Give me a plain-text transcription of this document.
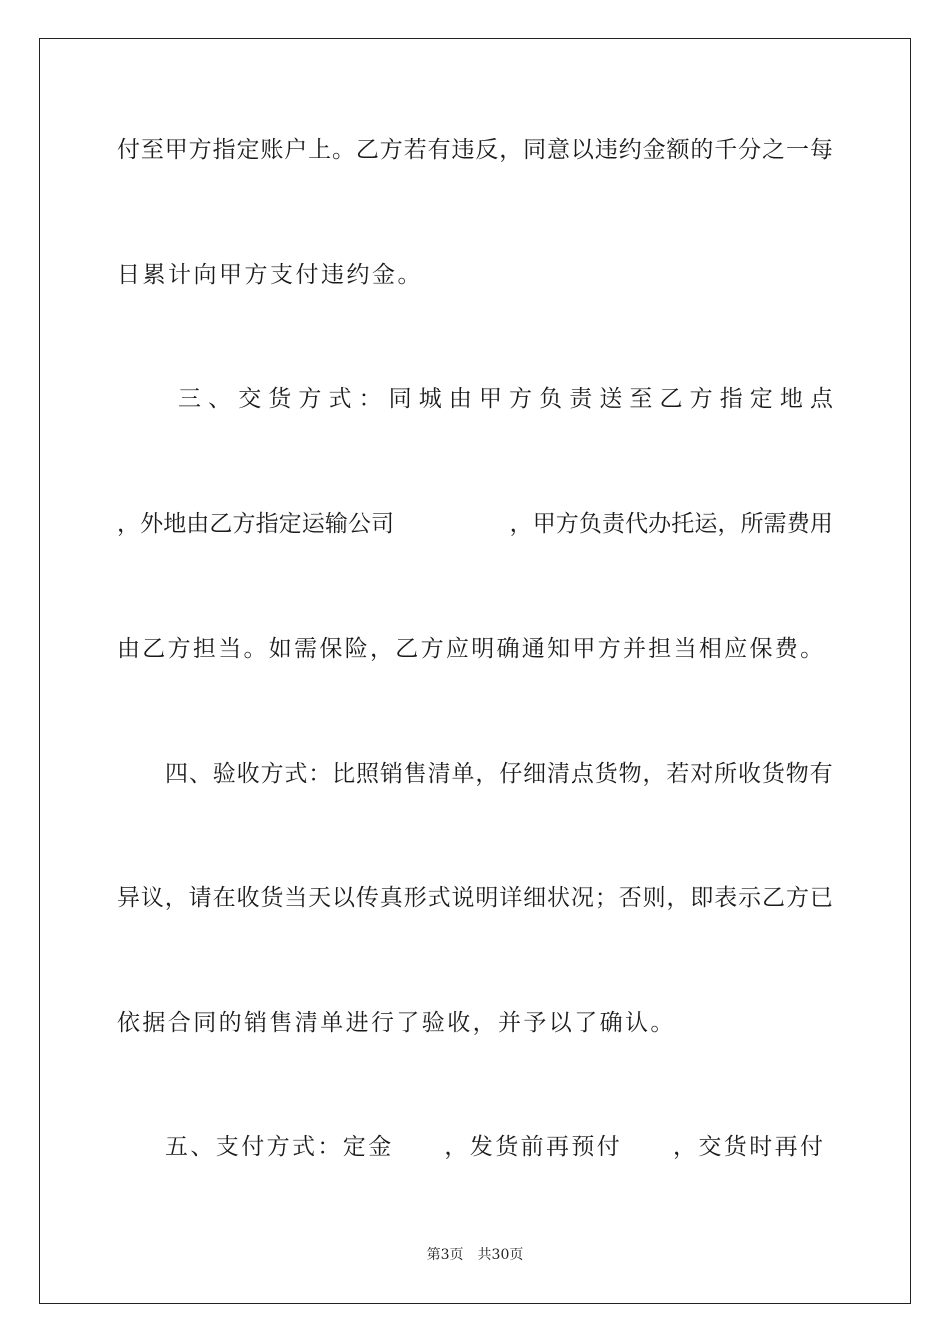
付 至 甲 方 指 定 账 户 上 。 乙 方 若 有 违 反 ， 同 意 以 违 约 金 额 的 千 分 之 一 每
日累计向甲方支付违约金。
三 、 交 货 方 式 ： 同 城 由 甲 方 负 责 送 至 乙 方 指 定 地 点
， 外 地 由 乙 方 指 定 运 输 公 司

　	， 甲 方 负 责 代 办 托 运 ， 所 需 费 用
由乙方担当。如需保险，乙方应明确通知甲方并担当相应保费。
四 、 验 收 方 式 ： 比 照 销 售 清 单 ， 仔 细 清 点 货 物 ， 若 对 所 收 货 物 有
异 议 ， 请 在 收 货 当 天 以 传 真 形 式 说 明 详 细 状 况 ； 否 则 ， 即 表 示 乙 方 已
依据合同的销售清单进行了验收，并予以了确认。
五、支付方式：定金　　，发货前再预付　　，交货时再付
第3页 共30页
